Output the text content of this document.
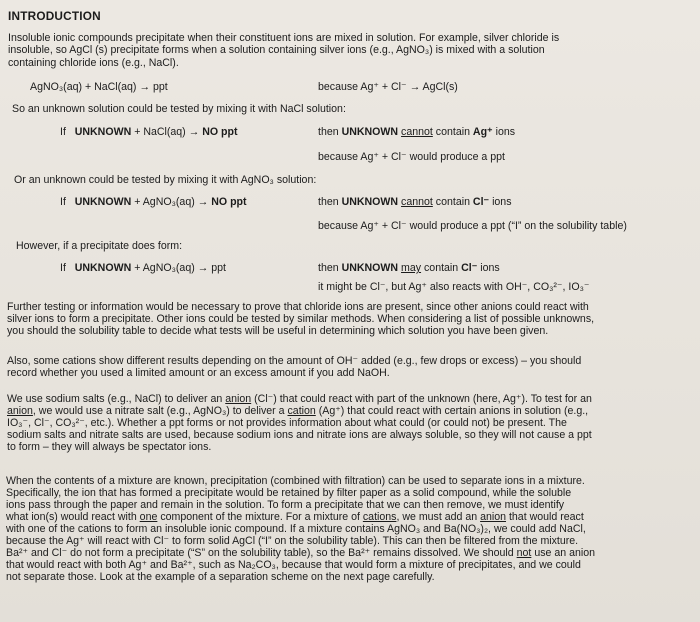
INTRODUCTION
Insoluble ionic compounds precipitate when their constituent ions are mixed in solution. For example, silver chloride is
insoluble, so AgCl (s) precipitate forms when a solution containing silver ions (e.g., AgNO₃) is mixed with a solution
containing chloride ions (e.g., NaCl).
AgNO₃(aq) + NaCl(aq) → ppt	because Ag⁺ + Cl⁻ → AgCl(s)
So an unknown solution could be tested by mixing it with NaCl solution:
If UNKNOWN + NaCl(aq) → NO ppt	then UNKNOWN cannot contain Ag⁺ ions
because Ag⁺ + Cl⁻ would produce a ppt
Or an unknown could be tested by mixing it with AgNO₃ solution:
If UNKNOWN + AgNO₃(aq) → NO ppt	then UNKNOWN cannot contain Cl⁻ ions
because Ag⁺ + Cl⁻ would produce a ppt (“I” on the solubility table)
However, if a precipitate does form:
If UNKNOWN + AgNO₃(aq) → ppt	then UNKNOWN may contain Cl⁻ ions
it might be Cl⁻, but Ag⁺ also reacts with OH⁻, CO₃²⁻, IO₃⁻
Further testing or information would be necessary to prove that chloride ions are present, since other anions could react with
silver ions to form a precipitate. Other ions could be tested by similar methods. When considering a list of possible unknowns,
you should the solubility table to decide what tests will be useful in determining which solution you have been given.
Also, some cations show different results depending on the amount of OH⁻ added (e.g., few drops or excess) – you should
record whether you used a limited amount or an excess amount if you add NaOH.
We use sodium salts (e.g., NaCl) to deliver an anion (Cl⁻) that could react with part of the unknown (here, Ag⁺). To test for an
anion, we would use a nitrate salt (e.g., AgNO₃) to deliver a cation (Ag⁺) that could react with certain anions in solution (e.g.,
IO₃⁻, Cl⁻, CO₃²⁻, etc.). Whether a ppt forms or not provides information about what could (or could not) be present. The
sodium salts and nitrate salts are used, because sodium ions and nitrate ions are always soluble, so they will not cause a ppt
to form – they will always be spectator ions.
When the contents of a mixture are known, precipitation (combined with filtration) can be used to separate ions in a mixture.
Specifically, the ion that has formed a precipitate would be retained by filter paper as a solid compound, while the soluble
ions pass through the paper and remain in the solution. To form a precipitate that we can then remove, we must identify
what ion(s) would react with one component of the mixture. For a mixture of cations, we must add an anion that would react
with one of the cations to form an insoluble ionic compound. If a mixture contains AgNO₃ and Ba(NO₃)₂, we could add NaCl,
because the Ag⁺ will react with Cl⁻ to form solid AgCl (“I” on the solubility table). This can then be filtered from the mixture.
Ba²⁺ and Cl⁻ do not form a precipitate (“S” on the solubility table), so the Ba²⁺ remains dissolved. We should not use an anion
that would react with both Ag⁺ and Ba²⁺, such as Na₂CO₃, because that would form a mixture of precipitates, and we could
not separate those. Look at the example of a separation scheme on the next page carefully.
